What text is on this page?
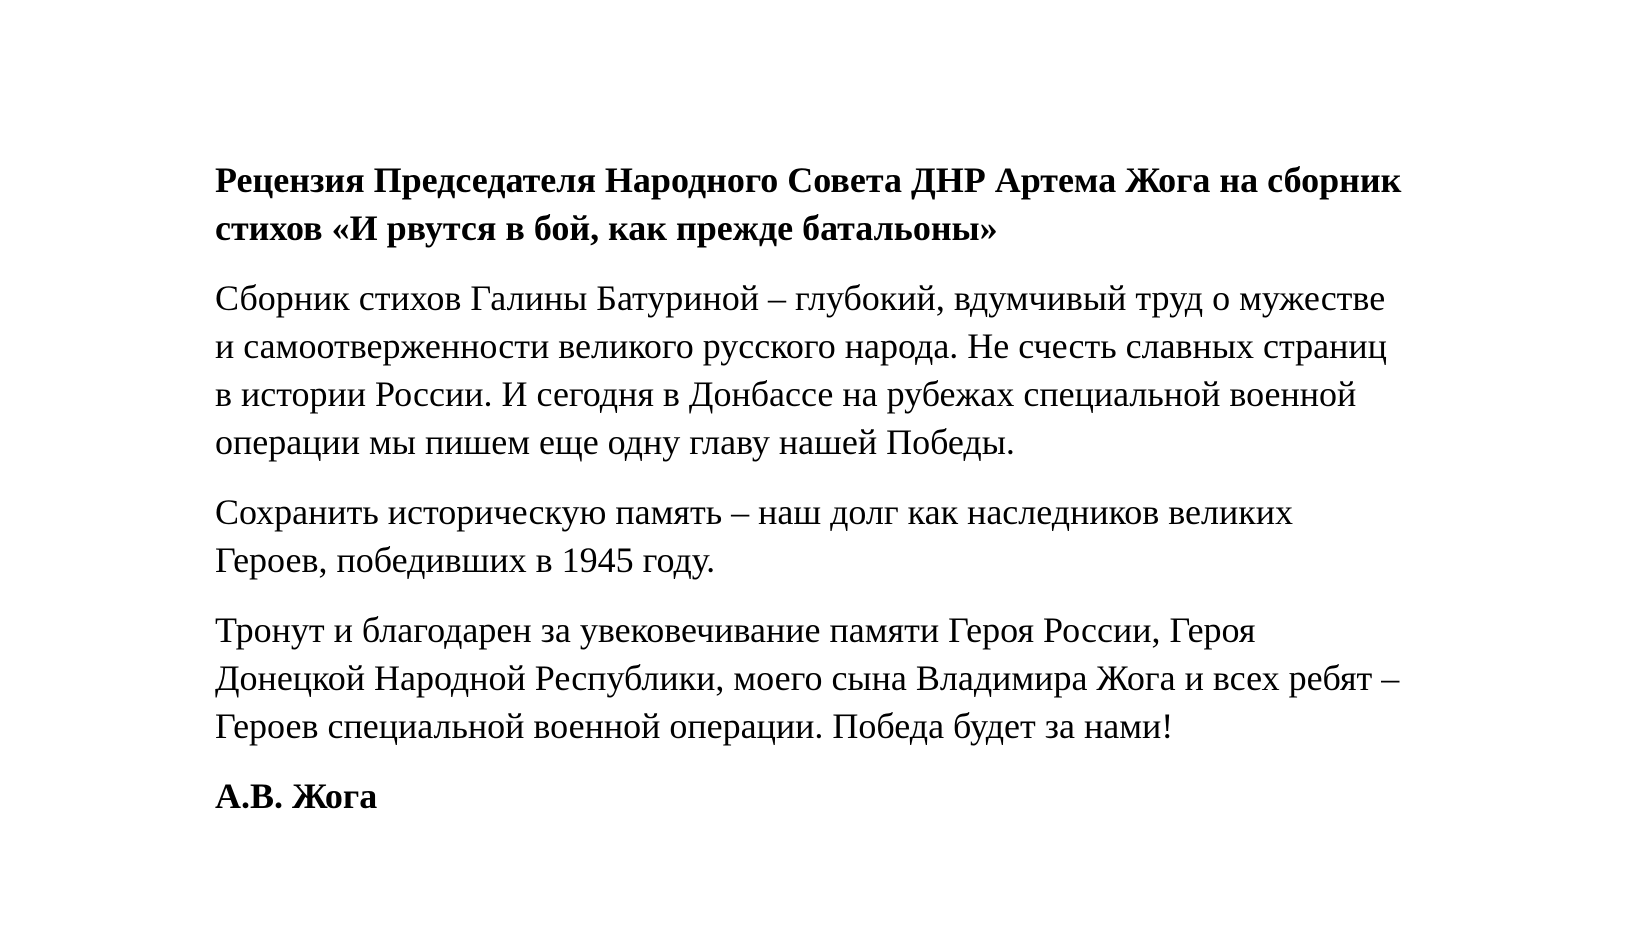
Рецензия Председателя Народного Совета ДНР Артема Жога на сборник
стихов «И рвутся в бой, как прежде батальоны»

Сборник стихов Галины Батуриной – глубокий, вдумчивый труд о мужестве
и самоотверженности великого русского народа. Не счесть славных страниц
в истории России. И сегодня в Донбассе на рубежах специальной военной
операции мы пишем еще одну главу нашей Победы.

Сохранить историческую память – наш долг как наследников великих
Героев, победивших в 1945 году.

Тронут и благодарен за увековечивание памяти Героя России, Героя
Донецкой Народной Республики, моего сына Владимира Жога и всех ребят –
Героев специальной военной операции. Победа будет за нами!

А.В. Жога
